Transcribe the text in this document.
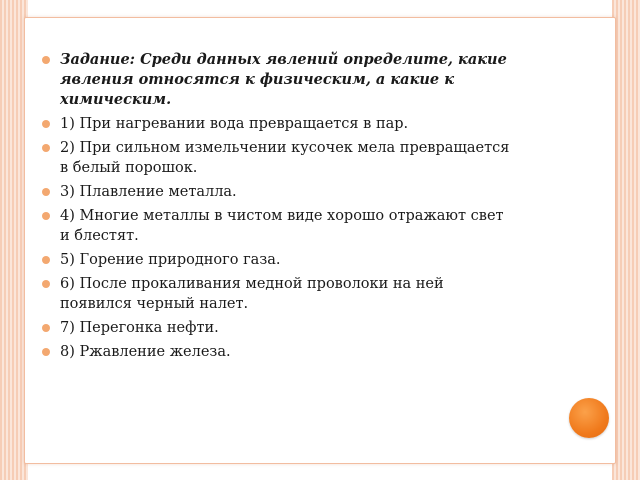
Задание: Среди данных явлений определите, какие явления относятся к физическим, а какие к химическим.
1) При нагревании вода превращается в пар.
2) При сильном измельчении кусочек мела превращается в белый порошок.
3) Плавление металла.
4) Многие металлы в чистом виде хорошо отражают свет и блестят.
5) Горение природного газа.
6) После прокаливания медной проволоки на ней появился черный налет.
7) Перегонка нефти.
8) Ржавление железа.
